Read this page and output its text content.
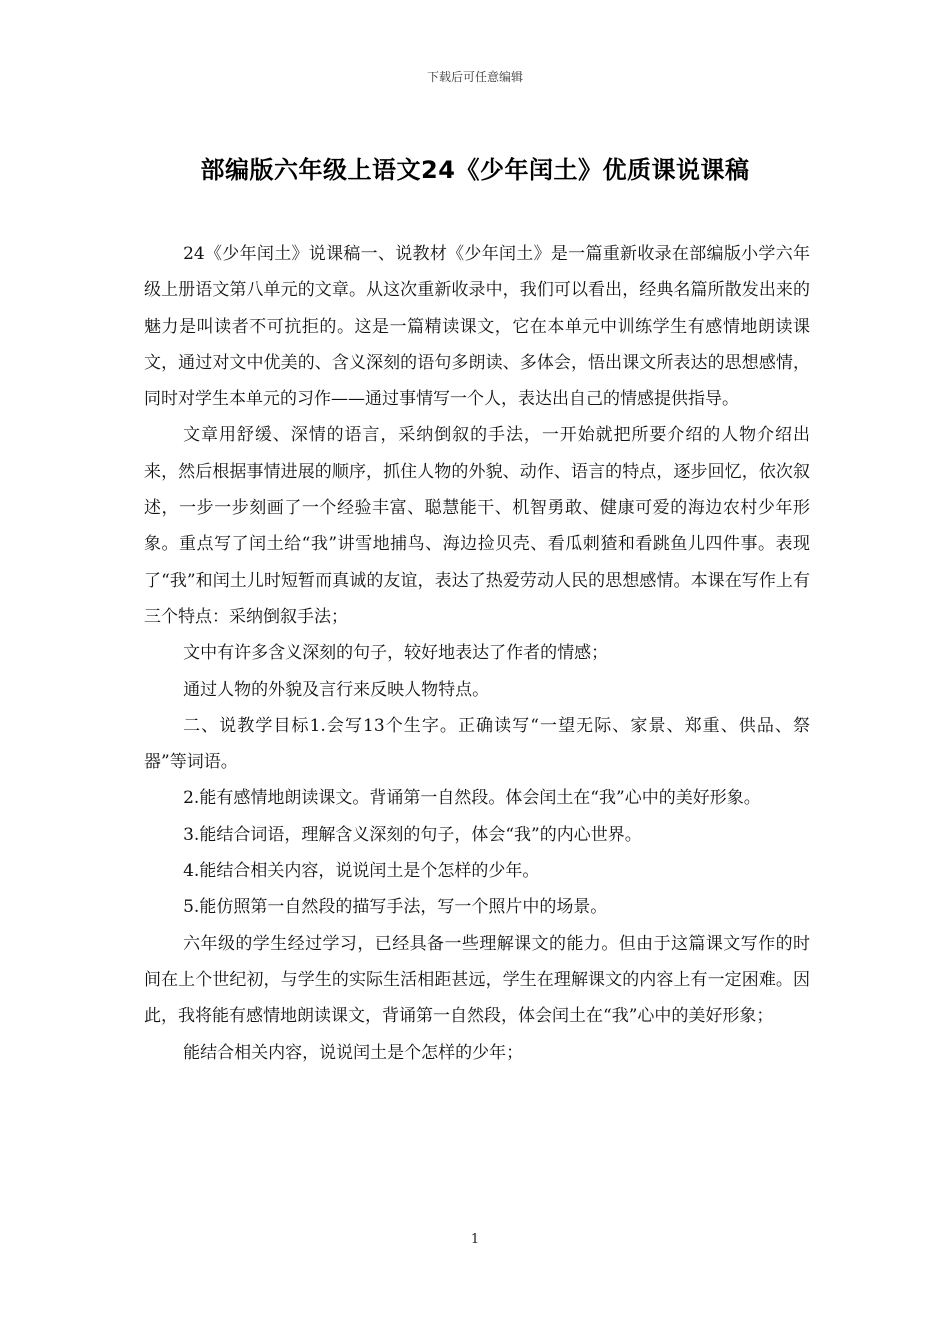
下载后可任意编辑
部编版六年级上语文24《少年闰土》优质课说课稿

24《少年闰土》说课稿一、说教材《少年闰土》是一篇重新收录在部编版小学六年级上册语文第八单元的文章。从这次重新收录中，我们可以看出，经典名篇所散发出来的魅力是叫读者不可抗拒的。这是一篇精读课文，它在本单元中训练学生有感情地朗读课文，通过对文中优美的、含义深刻的语句多朗读、多体会，悟出课文所表达的思想感情，同时对学生本单元的习作——通过事情写一个人，表达出自己的情感提供指导。

文章用舒缓、深情的语言，采纳倒叙的手法，一开始就把所要介绍的人物介绍出来，然后根据事情进展的顺序，抓住人物的外貌、动作、语言的特点，逐步回忆，依次叙述，一步一步刻画了一个经验丰富、聪慧能干、机智勇敢、健康可爱的海边农村少年形象。重点写了闰土给“我”讲雪地捕鸟、海边捡贝壳、看瓜刺猹和看跳鱼儿四件事。表现了“我”和闰土儿时短暂而真诚的友谊，表达了热爱劳动人民的思想感情。本课在写作上有三个特点：采纳倒叙手法；

文中有许多含义深刻的句子，较好地表达了作者的情感；

通过人物的外貌及言行来反映人物特点。

二、说教学目标1.会写13个生字。正确读写“一望无际、家景、郑重、供品、祭器”等词语。

2.能有感情地朗读课文。背诵第一自然段。体会闰土在“我”心中的美好形象。

3.能结合词语，理解含义深刻的句子，体会“我”的内心世界。

4.能结合相关内容，说说闰土是个怎样的少年。

5.能仿照第一自然段的描写手法，写一个照片中的场景。

六年级的学生经过学习，已经具备一些理解课文的能力。但由于这篇课文写作的时间在上个世纪初，与学生的实际生活相距甚远，学生在理解课文的内容上有一定困难。因此，我将能有感情地朗读课文，背诵第一自然段，体会闰土在“我”心中的美好形象；

能结合相关内容，说说闰土是个怎样的少年；

1
